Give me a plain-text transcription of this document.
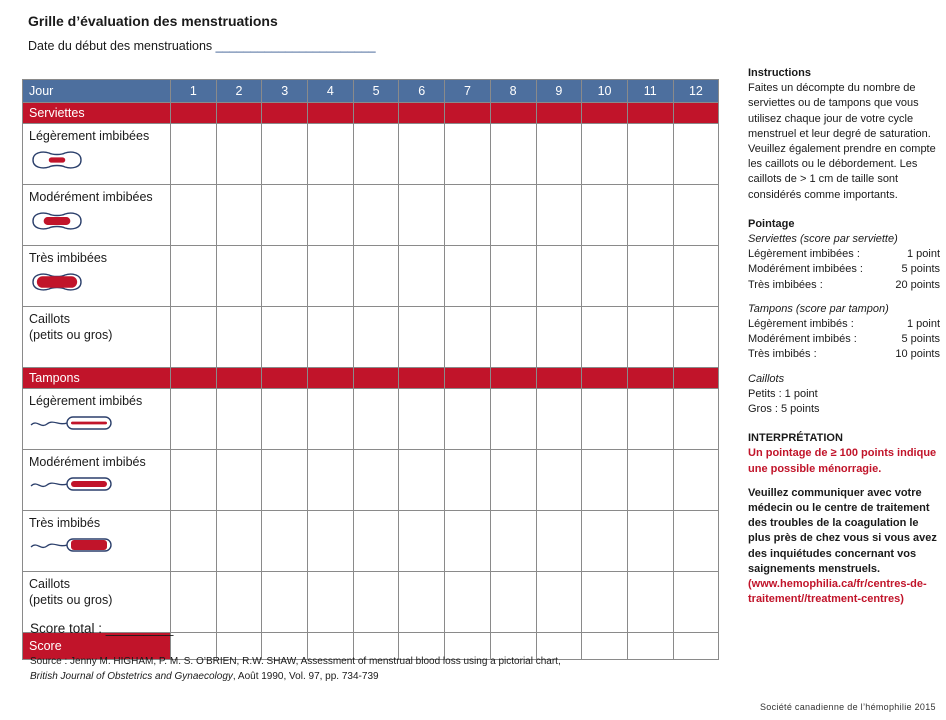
Grille d’évaluation des menstruations
Date du début des menstruations _______________________
Jour	1	2	3	4	5	6	7	8	9	10	11	12
Serviettes												

Légèrement imbibées												

Modérément imbibées												

Très imbibées												

Caillots
(petits ou gros)												

Tampons												

Légèrement imbibés												

Modérément imbibés												

Très imbibés												

Caillots
(petits ou gros)												

Score												
Score total : _________
Source : Jenny M. HIGHAM, P. M. S. O’BRIEN, R.W. SHAW, Assessment of menstrual blood loss using a pictorial chart,
British Journal of Obstetrics and Gynaecology, Août 1990, Vol. 97, pp. 734-739
Société canadienne de l’hémophilie 2015
Instructions
Faites un décompte du nombre de serviettes ou de tampons que vous utilisez chaque jour de votre cycle menstruel et leur degré de saturation. Veuillez également prendre en compte les caillots ou le débordement. Les caillots de > 1 cm de taille sont considérés comme importants.
Pointage
Serviettes (score par serviette)
Légèrement imbibées :	1 point
Modérément imbibées :	5 points
Très imbibées :	20 points
Tampons (score par tampon)
Légèrement imbibés :	1 point
Modérément imbibés :	5 points
Très imbibés :	10 points
Caillots
Petits : 1 point
Gros : 5 points
INTERPRÉTATION
Un pointage de ≥ 100 points indique une possible ménorragie.
Veuillez communiquer avec votre médecin ou le centre de traitement des troubles de la coagulation le plus près de chez vous si vous avez des inquiétudes concernant vos saignements menstruels.
(www.hemophilia.ca/fr/centres-de-traitement//treatment-centres)
